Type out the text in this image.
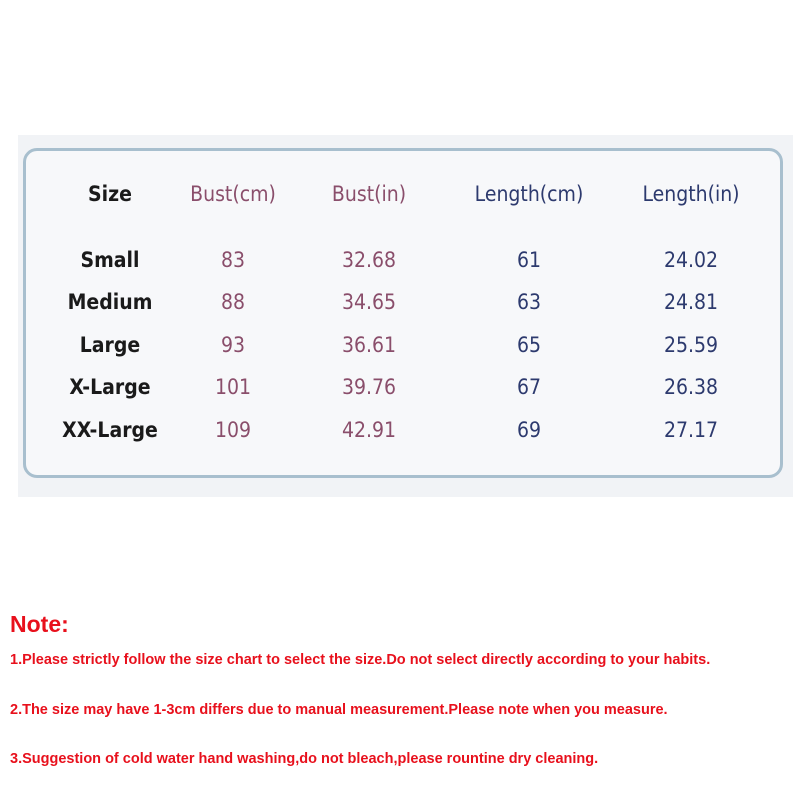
Size	Bust(cm)	Bust(in)	Length(cm)	Length(in)
Small	83	32.68	61	24.02
Medium	88	34.65	63	24.81
Large	93	36.61	65	25.59
X-Large	101	39.76	67	26.38
XX-Large	109	42.91	69	27.17
Note:
1.Please strictly follow the size chart to select the size.Do not select directly according to your habits.
2.The size may have 1-3cm differs due to manual measurement.Please note when you measure.
3.Suggestion of cold water hand washing,do not bleach,please rountine dry cleaning.
